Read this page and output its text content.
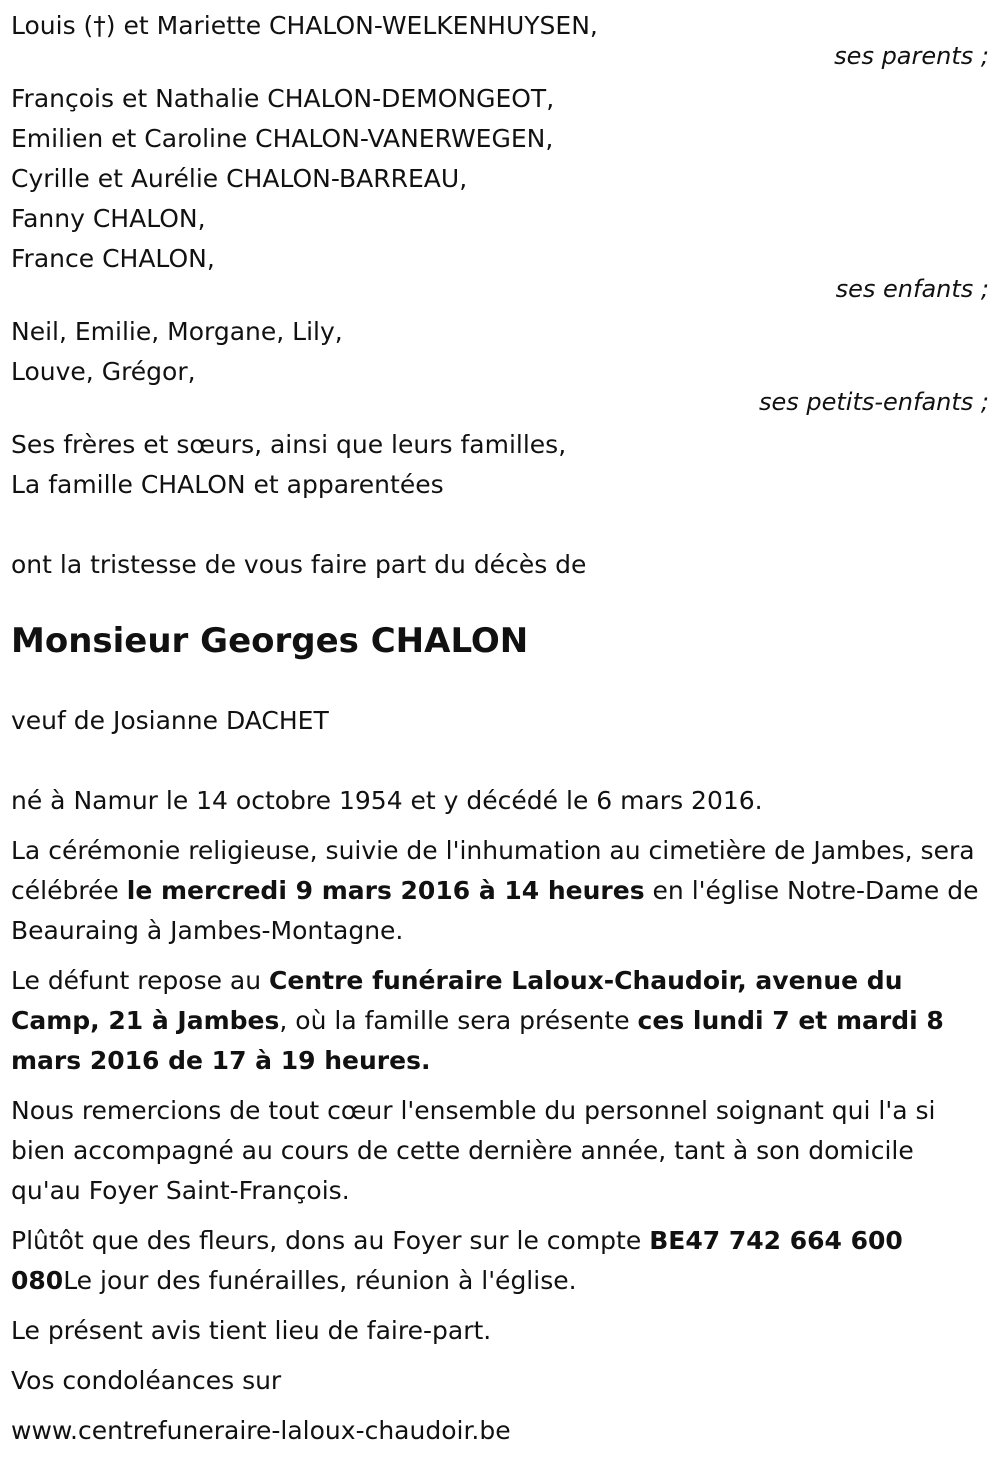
Louis (†) et Mariette CHALON-WELKENHUYSEN,
ses parents ;
François et Nathalie CHALON-DEMONGEOT,
Emilien et Caroline CHALON-VANERWEGEN,
Cyrille et Aurélie CHALON-BARREAU,
Fanny CHALON,
France CHALON,
ses enfants ;
Neil, Emilie, Morgane, Lily,
Louve, Grégor,
ses petits-enfants ;
Ses frères et sœurs, ainsi que leurs familles,
La famille CHALON et apparentées
ont la tristesse de vous faire part du décès de
Monsieur Georges CHALON
veuf de Josianne DACHET
né à Namur le 14 octobre 1954 et y décédé le 6 mars 2016.
La cérémonie religieuse, suivie de l'inhumation au cimetière de Jambes, sera célébrée le mercredi 9 mars 2016 à 14 heures en l'église Notre-Dame de Beauraing à Jambes-Montagne.
Le défunt repose au Centre funéraire Laloux-Chaudoir, avenue du Camp, 21 à Jambes, où la famille sera présente ces lundi 7 et mardi 8 mars 2016 de 17 à 19 heures.
Nous remercions de tout cœur l'ensemble du personnel soignant qui l'a si bien accompagné au cours de cette dernière année, tant à son domicile qu'au Foyer Saint-François.
Plûtôt que des fleurs, dons au Foyer sur le compte BE47 742 664 600 080Le jour des funérailles, réunion à l'église.
Le présent avis tient lieu de faire-part.
Vos condoléances sur
www.centrefuneraire-laloux-chaudoir.be
